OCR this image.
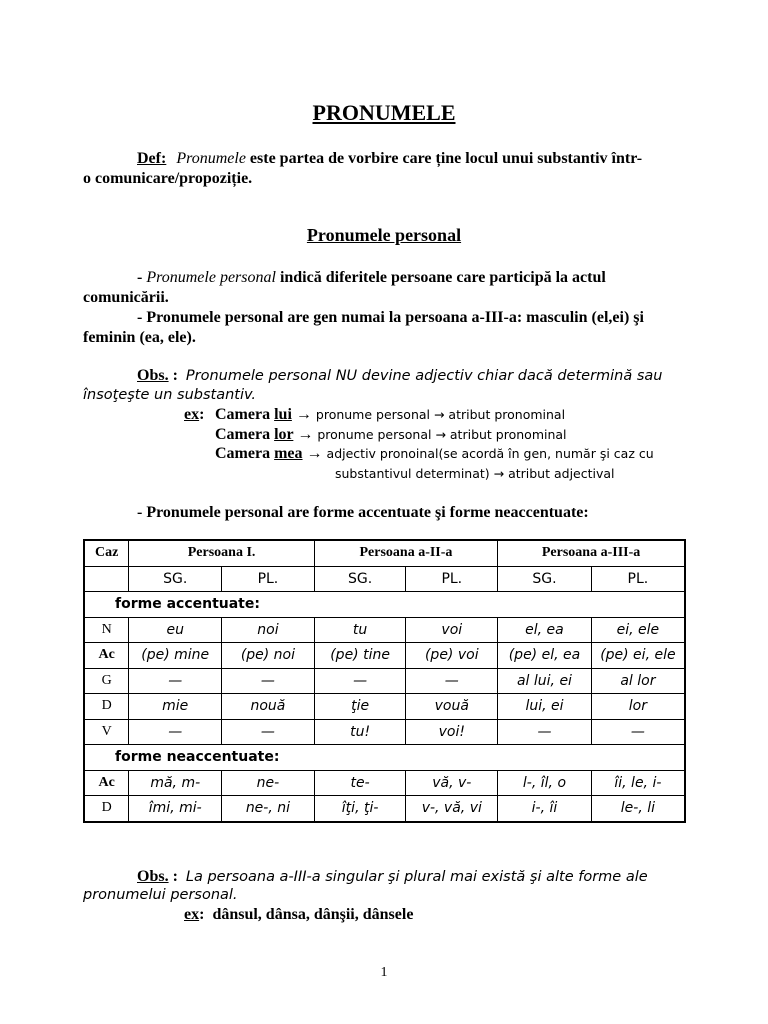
PRONUMELE
Def: Pronumele este partea de vorbire care ține locul unui substantiv într-
o comunicare/propoziție.
Pronumele personal
- Pronumele personal indică diferitele persoane care participă la actul
comunicării.
- Pronumele personal are gen numai la persoana a-III-a: masculin (el,ei) şi
feminin (ea, ele).
Obs. : Pronumele personal NU devine adjectiv chiar dacă determină sau
însoţeşte un substantiv.
ex: Camera lui → pronume personal → atribut pronominal
Camera lor → pronume personal → atribut pronominal
Camera mea → adjectiv pronoinal(se acordă în gen, număr şi caz cu
substantivul determinat) → atribut adjectival
- Pronumele personal are forme accentuate şi forme neaccentuate:
Caz	Persoana I.		Persoana a-II-a		Persoana a-III-a	
	SG.	PL.	SG.	PL.	SG.	PL.
forme accentuate:						
N	eu	noi	tu	voi	el, ea	ei, ele
Ac	(pe) mine	(pe) noi	(pe) tine	(pe) voi	(pe) el, ea	(pe) ei, ele
G	—	—	—	—	al lui, ei	al lor
D	mie	nouă	ţie	vouă	lui, ei	lor
V	—	—	tu!	voi!	—	—
forme neaccentuate:						
Ac	mă, m-	ne-	te-	vă, v-	l-, îl, o	îi, le, i-
D	îmi, mi-	ne-, ni	îţi, ţi-	v-, vă, vi	i-, îi	le-, li
Obs. : La persoana a-III-a singular şi plural mai există şi alte forme ale
pronumelui personal.
ex: dânsul, dânsa, dânşii, dânsele
1
